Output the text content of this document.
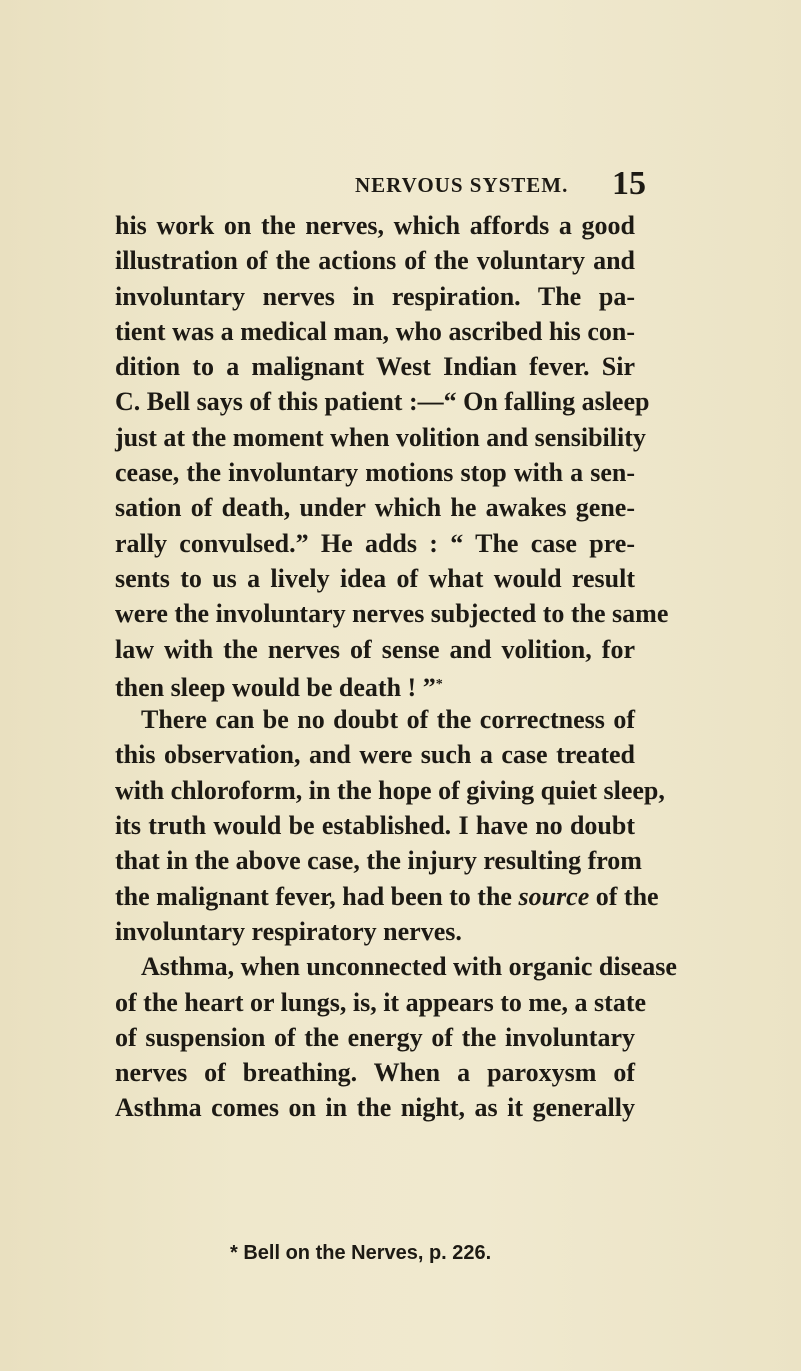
NERVOUS SYSTEM. 15
his work on the nerves, which affords a good
illustration of the actions of the voluntary and
involuntary nerves in respiration. The pa-
tient was a medical man, who ascribed his con-
dition to a malignant West Indian fever. Sir
C. Bell says of this patient :—“ On falling asleep
just at the moment when volition and sensibility
cease, the involuntary motions stop with a sen-
sation of death, under which he awakes gene-
rally convulsed.” He adds : “ The case pre-
sents to us a lively idea of what would result
were the involuntary nerves subjected to the same
law with the nerves of sense and volition, for
then sleep would be death ! ”*
There can be no doubt of the correctness of
this observation, and were such a case treated
with chloroform, in the hope of giving quiet sleep,
its truth would be established. I have no doubt
that in the above case, the injury resulting from
the malignant fever, had been to the source of the
involuntary respiratory nerves.
Asthma, when unconnected with organic disease
of the heart or lungs, is, it appears to me, a state
of suspension of the energy of the involuntary
nerves of breathing. When a paroxysm of
Asthma comes on in the night, as it generally
* Bell on the Nerves, p. 226.
